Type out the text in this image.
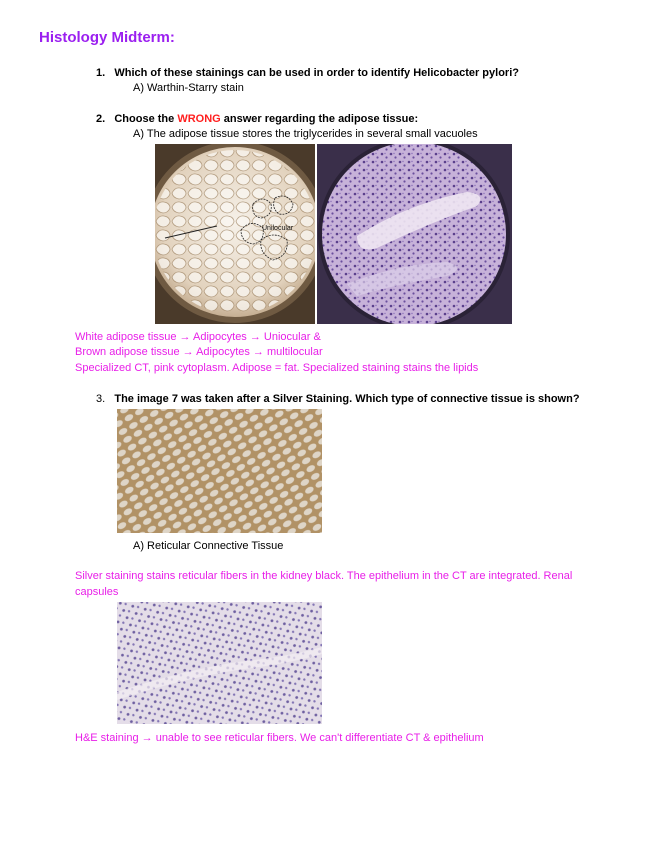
Histology Midterm:
1. Which of these stainings can be used in order to identify Helicobacter pylori?
A) Warthin-Starry stain
2. Choose the WRONG answer regarding the adipose tissue:
A) The adipose tissue stores the triglycerides in several small vacuoles
Unilocular
White adipose tissue → Adipocytes → Uniocular &
Brown adipose tissue → Adipocytes → multilocular
Specialized CT, pink cytoplasm. Adipose = fat. Specialized staining stains the lipids
3. The image 7 was taken after a Silver Staining. Which type of connective tissue is shown?
A) Reticular Connective Tissue
Silver staining stains reticular fibers in the kidney black. The epithelium in the CT are integrated. Renal
capsules
H&E staining → unable to see reticular fibers. We can't differentiate CT & epithelium
